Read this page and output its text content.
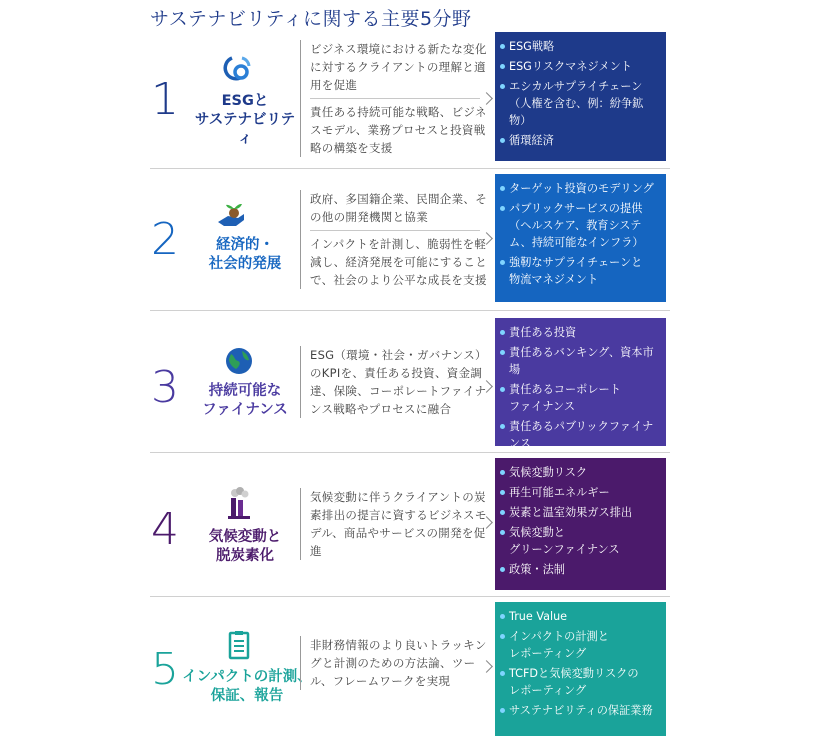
サステナビリティに関する主要5分野
1	ESGと
サステナビリティ

ビジネス環境における新たな変化に対するクライアントの理解と適用を促進

責任ある持続可能な戦略、ビジネスモデル、業務プロセスと投資戦略の構築を支援

ESG戦略
ESGリスクマネジメント
エシカルサプライチェーン
（人権を含む、例：紛争鉱物）
循環経済
2	経済的・
社会的発展

政府、多国籍企業、民間企業、その他の開発機関と協業

インパクトを計測し、脆弱性を軽減し、経済発展を可能にすることで、社会のより公平な成長を支援

ターゲット投資のモデリング
パブリックサービスの提供
（ヘルスケア、教育システム、持続可能なインフラ）
強靭なサプライチェーンと
物流マネジメント
3	持続可能な
ファイナンス

ESG（環境・社会・ガバナンス）のKPIを、責任ある投資、資金調達、保険、コーポレートファイナンス戦略やプロセスに融合

責任ある投資
責任あるバンキング、資本市場
責任あるコーポレート
ファイナンス
責任あるパブリックファイナンス
4	気候変動と
脱炭素化

気候変動に伴うクライアントの炭素排出の提言に資するビジネスモデル、商品やサービスの開発を促進

気候変動リスク
再生可能エネルギー
炭素と温室効果ガス排出
気候変動と
グリーンファイナンス
政策・法制
5 インパクトの計測、
保証、報告

非財務情報のより良いトラッキングと計測のための方法論、ツール、フレームワークを実現

True Value
インパクトの計測と
レポーティング
TCFDと気候変動リスクの
レポーティング
サステナビリティの保証業務
